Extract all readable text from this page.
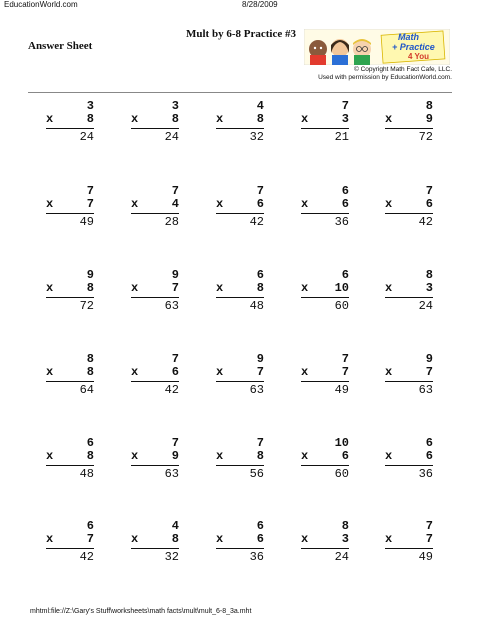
EducationWorld.com	8/28/2009
Answer Sheet
Mult by 6-8 Practice #3	Math
+ Practice
4 You
© Copyright Math Fact Cafe, LLC.
Used with permission by EducationWorld.com.
3
x	8
24
3
x	8
24
4
x	8
32
7
x	3
21
8
x	9
72
7
x	7
49
7
x	4
28
7
x	6
42
6
x	6
36
7
x	6
42
9
x	8
72
9
x	7
63
6
x	8
48
6
x	10
60
8
x	3
24
8
x	8
64
7
x	6
42
9
x	7
63
7
x	7
49
9
x	7
63
6
x	8
48
7
x	9
63
7
x	8
56
10
x	6
60
6
x	6
36
6
x	7
42
4
x	8
32
6
x	6
36
8
x	3
24
7
x	7
49
mhtml:file://Z:\Gary's Stuff\worksheets\math facts\mult\mult_6-8_3a.mht
